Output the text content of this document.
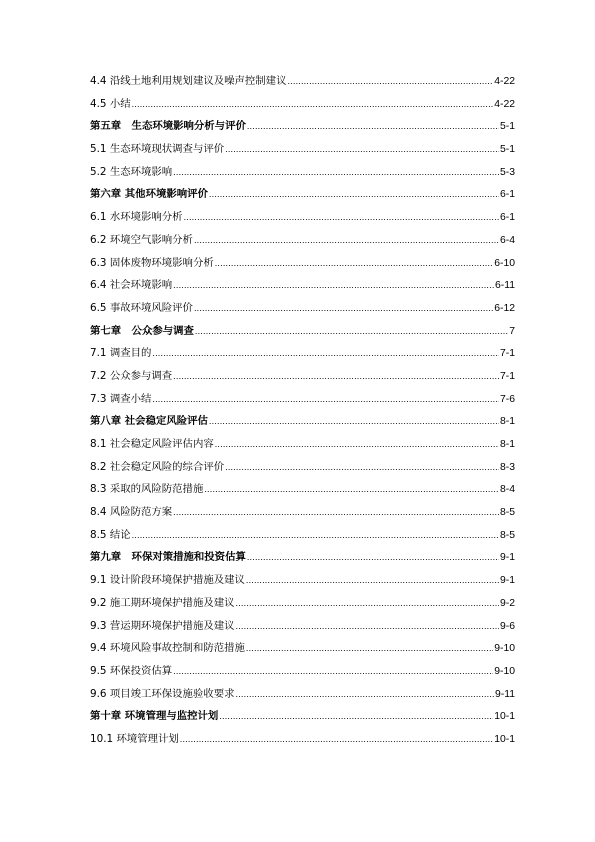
4.4 沿线土地利用规划建议及噪声控制建议 .....	4-22
4.5 小结 .....	4-22
第五章　生态环境影响分析与评价 .....	5-1
5.1 生态环境现状调查与评价 .....	5-1
5.2 生态环境影响 .....	5-3
第六章 其他环境影响评价 .....	6-1
6.1 水环境影响分析 .....	6-1
6.2 环境空气影响分析 .....	6-4
6.3 固体废物环境影响分析 .....	6-10
6.4 社会环境影响 .....	6-11
6.5 事故环境风险评价 .....	6-12
第七章　公众参与调查 .....	7
7.1 调查目的 .....	7-1
7.2 公众参与调查 .....	7-1
7.3 调查小结 .....	7-6
第八章 社会稳定风险评估 .....	8-1
8.1 社会稳定风险评估内容 .....	8-1
8.2 社会稳定风险的综合评价 .....	8-3
8.3 采取的风险防范措施 .....	8-4
8.4 风险防范方案 .....	8-5
8.5 结论 .....	8-5
第九章　环保对策措施和投资估算 .....	9-1
9.1 设计阶段环境保护措施及建议 .....	9-1
9.2 施工期环境保护措施及建议 .....	9-2
9.3 营运期环境保护措施及建议 .....	9-6
9.4 环境风险事故控制和防范措施 .....	9-10
9.5 环保投资估算 .....	9-10
9.6 项目竣工环保设施验收要求 .....	9-11
第十章 环境管理与监控计划 .....	10-1
10.1 环境管理计划 .....	10-1
